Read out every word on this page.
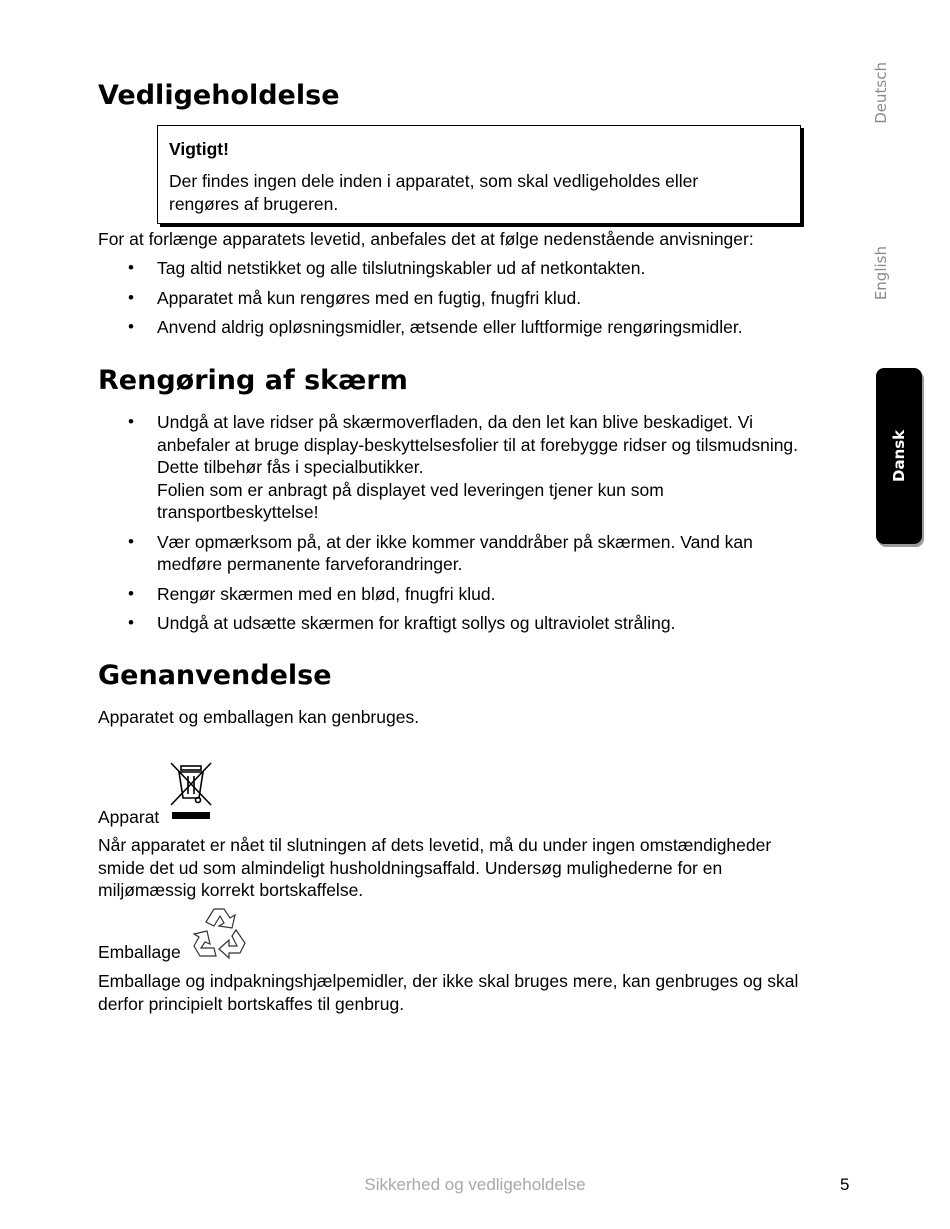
Deutsch
English
Dansk
Vedligeholdelse

Vigtigt!

Der findes ingen dele inden i apparatet, som skal vedligeholdes eller

rengøres af brugeren.

For at forlænge apparatets levetid, anbefales det at følge nedenstående anvisninger:

• Tag altid netstikket og alle tilslutningskabler ud af netkontakten.
• Apparatet må kun rengøres med en fugtig, fnugfri klud.
• Anvend aldrig opløsningsmidler, ætsende eller luftformige rengøringsmidler.
Rengøring af skærm
• Undgå at lave ridser på skærmoverfladen, da den let kan blive beskadiget. Vi
anbefaler at bruge display-beskyttelsesfolier til at forebygge ridser og tilsmudsning.
Dette tilbehør fås i specialbutikker.
Folien som er anbragt på displayet ved leveringen tjener kun som
transportbeskyttelse!
• Vær opmærksom på, at der ikke kommer vanddråber på skærmen. Vand kan
medføre permanente farveforandringer.
• Rengør skærmen med en blød, fnugfri klud.
• Undgå at udsætte skærmen for kraftigt sollys og ultraviolet stråling.
Genanvendelse

Apparatet og emballagen kan genbruges.

Apparat
Når apparatet er nået til slutningen af dets levetid, må du under ingen omstændigheder
smide det ud som almindeligt husholdningsaffald. Undersøg mulighederne for en
miljømæssig korrekt bortskaffelse.
Emballage
Emballage og indpakningshjælpemidler, der ikke skal bruges mere, kan genbruges og skal
derfor principielt bortskaffes til genbrug.
Sikkerhed og vedligeholdelse	5
